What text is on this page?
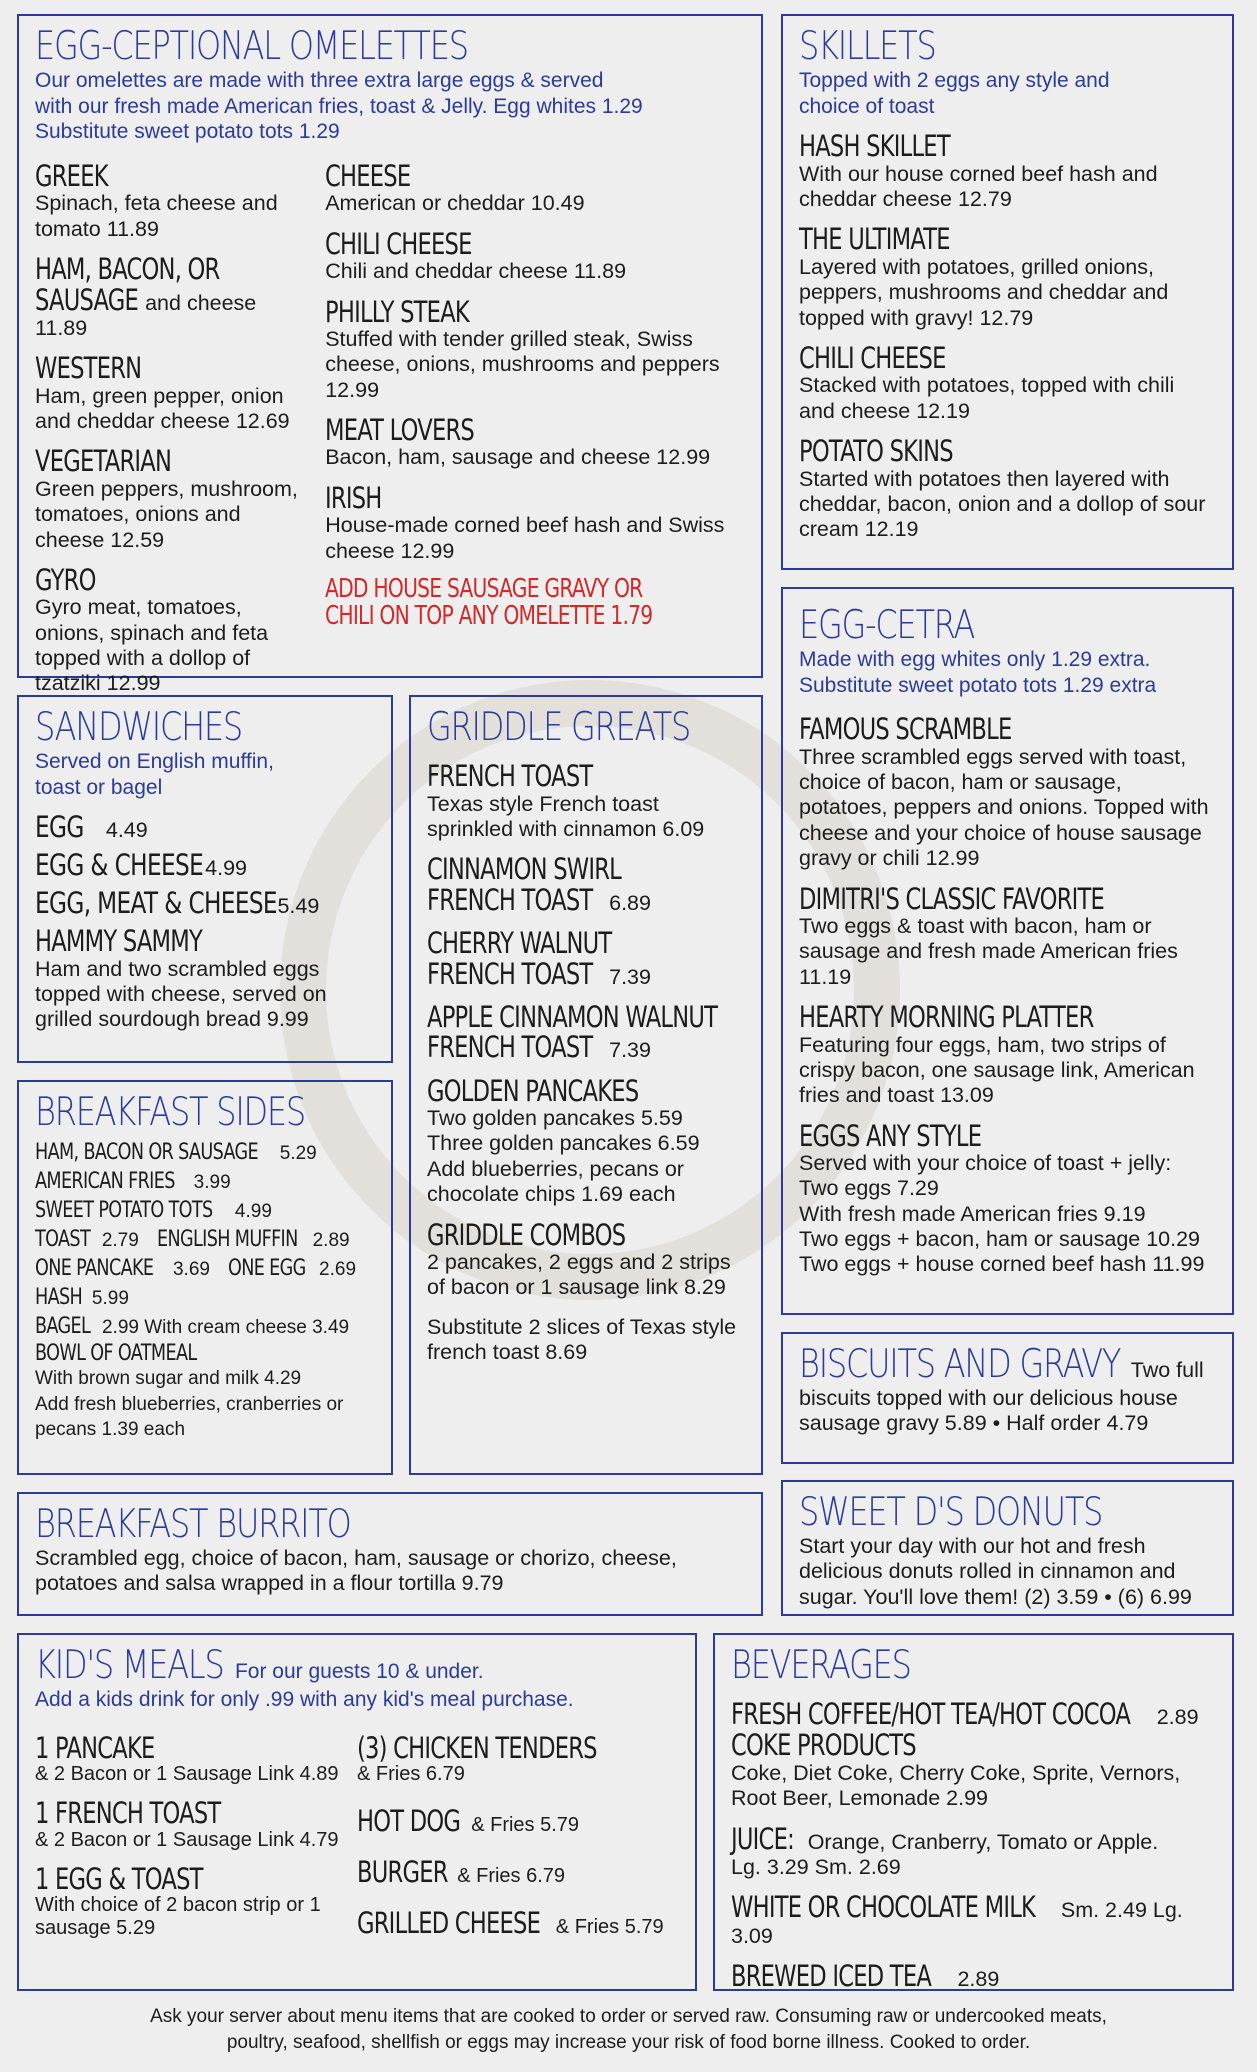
EGG-CEPTIONAL OMELETTES
Our omelettes are made with three extra large eggs & served
with our fresh made American fries, toast & Jelly. Egg whites 1.29
Substitute sweet potato tots 1.29
GREEK
Spinach, feta cheese and tomato 11.89
HAM, BACON, OR
SAUSAGE and cheese 11.89
WESTERN
Ham, green pepper, onion and cheddar cheese 12.69
VEGETARIAN
Green peppers, mushroom, tomatoes, onions and cheese 12.59
GYRO
Gyro meat, tomatoes, onions, spinach and feta topped with a dollop of tzatziki 12.99
CHEESE
American or cheddar 10.49
CHILI CHEESE
Chili and cheddar cheese 11.89
PHILLY STEAK
Stuffed with tender grilled steak, Swiss cheese, onions, mushrooms and peppers 12.99
MEAT LOVERS
Bacon, ham, sausage and cheese 12.99
IRISH
House-made corned beef hash and Swiss cheese 12.99
ADD HOUSE SAUSAGE GRAVY OR
CHILI ON TOP ANY OMELETTE 1.79
SKILLETS
Topped with 2 eggs any style and
choice of toast
HASH SKILLET
With our house corned beef hash and cheddar cheese 12.79
THE ULTIMATE
Layered with potatoes, grilled onions, peppers, mushrooms and cheddar and topped with gravy! 12.79
CHILI CHEESE
Stacked with potatoes, topped with chili and cheese 12.19
POTATO SKINS
Started with potatoes then layered with cheddar, bacon, onion and a dollop of sour cream 12.19
SANDWICHES
Served on English muffin,
toast or bagel
EGG 4.49
EGG & CHEESE 4.99
EGG, MEAT & CHEESE 5.49
HAMMY SAMMY
Ham and two scrambled eggs topped with cheese, served on grilled sourdough bread 9.99
GRIDDLE GREATS
FRENCH TOAST
Texas style French toast sprinkled with cinnamon 6.09
CINNAMON SWIRL
FRENCH TOAST 6.89
CHERRY WALNUT
FRENCH TOAST 7.39
APPLE CINNAMON WALNUT
FRENCH TOAST 7.39
GOLDEN PANCAKES
Two golden pancakes 5.59
Three golden pancakes 6.59
Add blueberries, pecans or
chocolate chips 1.69 each
GRIDDLE COMBOS
2 pancakes, 2 eggs and 2 strips of bacon or 1 sausage link 8.29
Substitute 2 slices of Texas style french toast 8.69
EGG-CETRA
Made with egg whites only 1.29 extra.
Substitute sweet potato tots 1.29 extra
FAMOUS SCRAMBLE
Three scrambled eggs served with toast, choice of bacon, ham or sausage, potatoes, peppers and onions. Topped with cheese and your choice of house sausage gravy or chili 12.99
DIMITRI'S CLASSIC FAVORITE
Two eggs & toast with bacon, ham or sausage and fresh made American fries 11.19
HEARTY MORNING PLATTER
Featuring four eggs, ham, two strips of crispy bacon, one sausage link, American fries and toast 13.09
EGGS ANY STYLE
Served with your choice of toast + jelly:
Two eggs 7.29
With fresh made American fries 9.19
Two eggs + bacon, ham or sausage 10.29
Two eggs + house corned beef hash 11.99
BREAKFAST SIDES
HAM, BACON OR SAUSAGE 5.29
AMERICAN FRIES 3.99
SWEET POTATO TOTS 4.99
TOAST 2.79 ENGLISH MUFFIN 2.89
ONE PANCAKE 3.69 ONE EGG 2.69
HASH 5.99
BAGEL 2.99 With cream cheese 3.49
BOWL OF OATMEAL
With brown sugar and milk 4.29
Add fresh blueberries, cranberries or
pecans 1.39 each
BISCUITS AND GRAVY Two full
biscuits topped with our delicious house sausage gravy 5.89 • Half order 4.79
BREAKFAST BURRITO
Scrambled egg, choice of bacon, ham, sausage or chorizo, cheese, potatoes and salsa wrapped in a flour tortilla 9.79
SWEET D'S DONUTS
Start your day with our hot and fresh delicious donuts rolled in cinnamon and sugar. You'll love them! (2) 3.59 • (6) 6.99
KID'S MEALS For our guests 10 & under.
Add a kids drink for only .99 with any kid's meal purchase.
1 PANCAKE
& 2 Bacon or 1 Sausage Link 4.89
1 FRENCH TOAST
& 2 Bacon or 1 Sausage Link 4.79
1 EGG & TOAST
With choice of 2 bacon strip or 1 sausage 5.29
(3) CHICKEN TENDERS
& Fries 6.79
HOT DOG & Fries 5.79
BURGER & Fries 6.79
GRILLED CHEESE & Fries 5.79
BEVERAGES
FRESH COFFEE/HOT TEA/HOT COCOA 2.89
COKE PRODUCTS
Coke, Diet Coke, Cherry Coke, Sprite, Vernors, Root Beer, Lemonade 2.99
JUICE: Orange, Cranberry, Tomato or Apple.
Lg. 3.29 Sm. 2.69
WHITE OR CHOCOLATE MILK Sm. 2.49 Lg. 3.09
BREWED ICED TEA 2.89
Ask your server about menu items that are cooked to order or served raw. Consuming raw or undercooked meats,
poultry, seafood, shellfish or eggs may increase your risk of food borne illness. Cooked to order.
